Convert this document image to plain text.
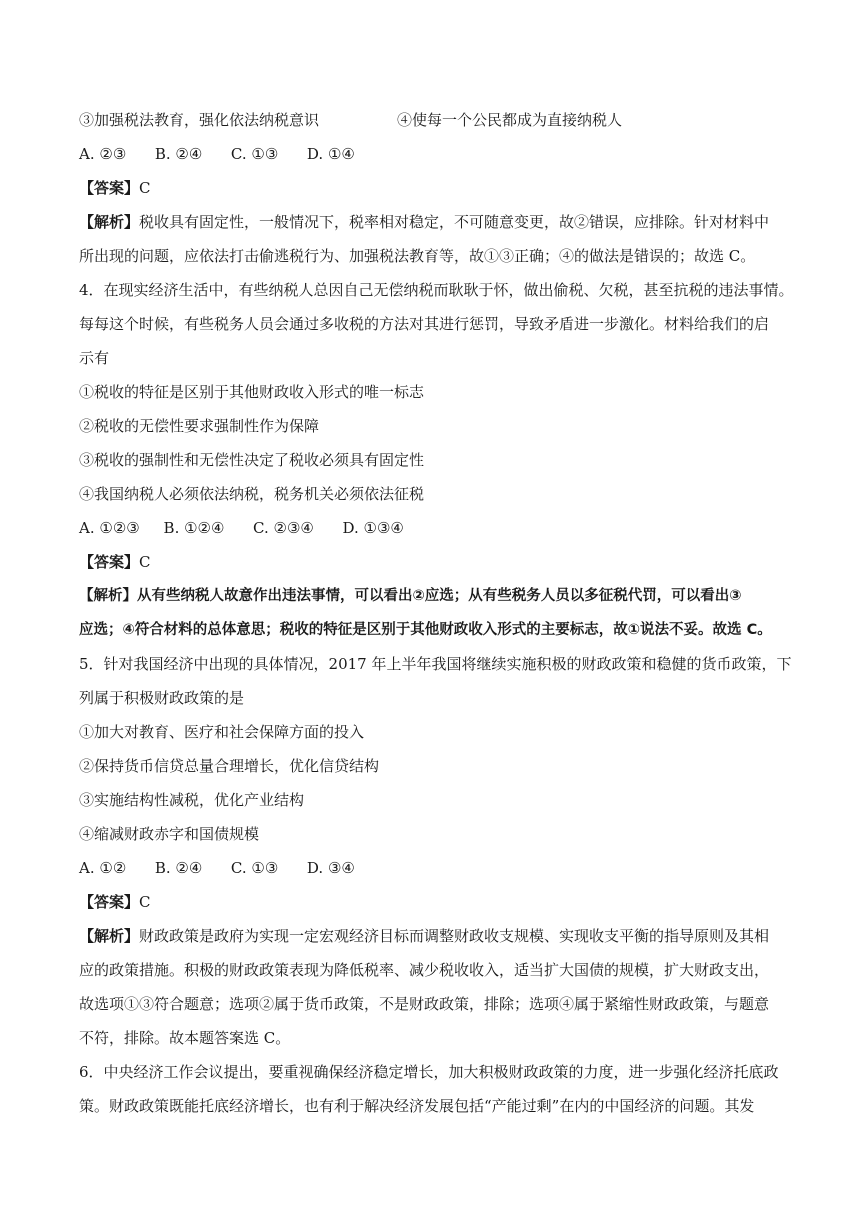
③加强税法教育，强化依法纳税意识	④使每一个公民都成为直接纳税人
A. ②③      B. ②④      C. ①③      D. ①④
【答案】C
【解析】税收具有固定性，一般情况下，税率相对稳定，不可随意变更，故②错误，应排除。针对材料中
所出现的问题，应依法打击偷逃税行为、加强税法教育等，故①③正确；④的做法是错误的；故选 C。
4．在现实经济生活中，有些纳税人总因自己无偿纳税而耿耿于怀，做出偷税、欠税，甚至抗税的违法事情。
每每这个时候，有些税务人员会通过多收税的方法对其进行惩罚，导致矛盾进一步激化。材料给我们的启
示有
①税收的特征是区别于其他财政收入形式的唯一标志
②税收的无偿性要求强制性作为保障
③税收的强制性和无偿性决定了税收必须具有固定性
④我国纳税人必须依法纳税，税务机关必须依法征税
A. ①②③     B. ①②④      C. ②③④      D. ①③④
【答案】C
【解析】从有些纳税人故意作出违法事情，可以看出②应选；从有些税务人员以多征税代罚，可以看出③
应选；④符合材料的总体意思；税收的特征是区别于其他财政收入形式的主要标志，故①说法不妥。故选 C。
5．针对我国经济中出现的具体情况，2017 年上半年我国将继续实施积极的财政政策和稳健的货币政策，下
列属于积极财政政策的是
①加大对教育、医疗和社会保障方面的投入
②保持货币信贷总量合理增长，优化信贷结构
③实施结构性减税，优化产业结构
④缩减财政赤字和国债规模
A. ①②      B. ②④      C. ①③      D. ③④
【答案】C
【解析】财政政策是政府为实现一定宏观经济目标而调整财政收支规模、实现收支平衡的指导原则及其相
应的政策措施。积极的财政政策表现为降低税率、减少税收收入，适当扩大国债的规模，扩大财政支出，
故选项①③符合题意；选项②属于货币政策，不是财政政策，排除；选项④属于紧缩性财政政策，与题意
不符，排除。故本题答案选 C。
6．中央经济工作会议提出，要重视确保经济稳定增长，加大积极财政政策的力度，进一步强化经济托底政
策。财政政策既能托底经济增长，也有利于解决经济发展包括“产能过剩”在内的中国经济的问题。其发
